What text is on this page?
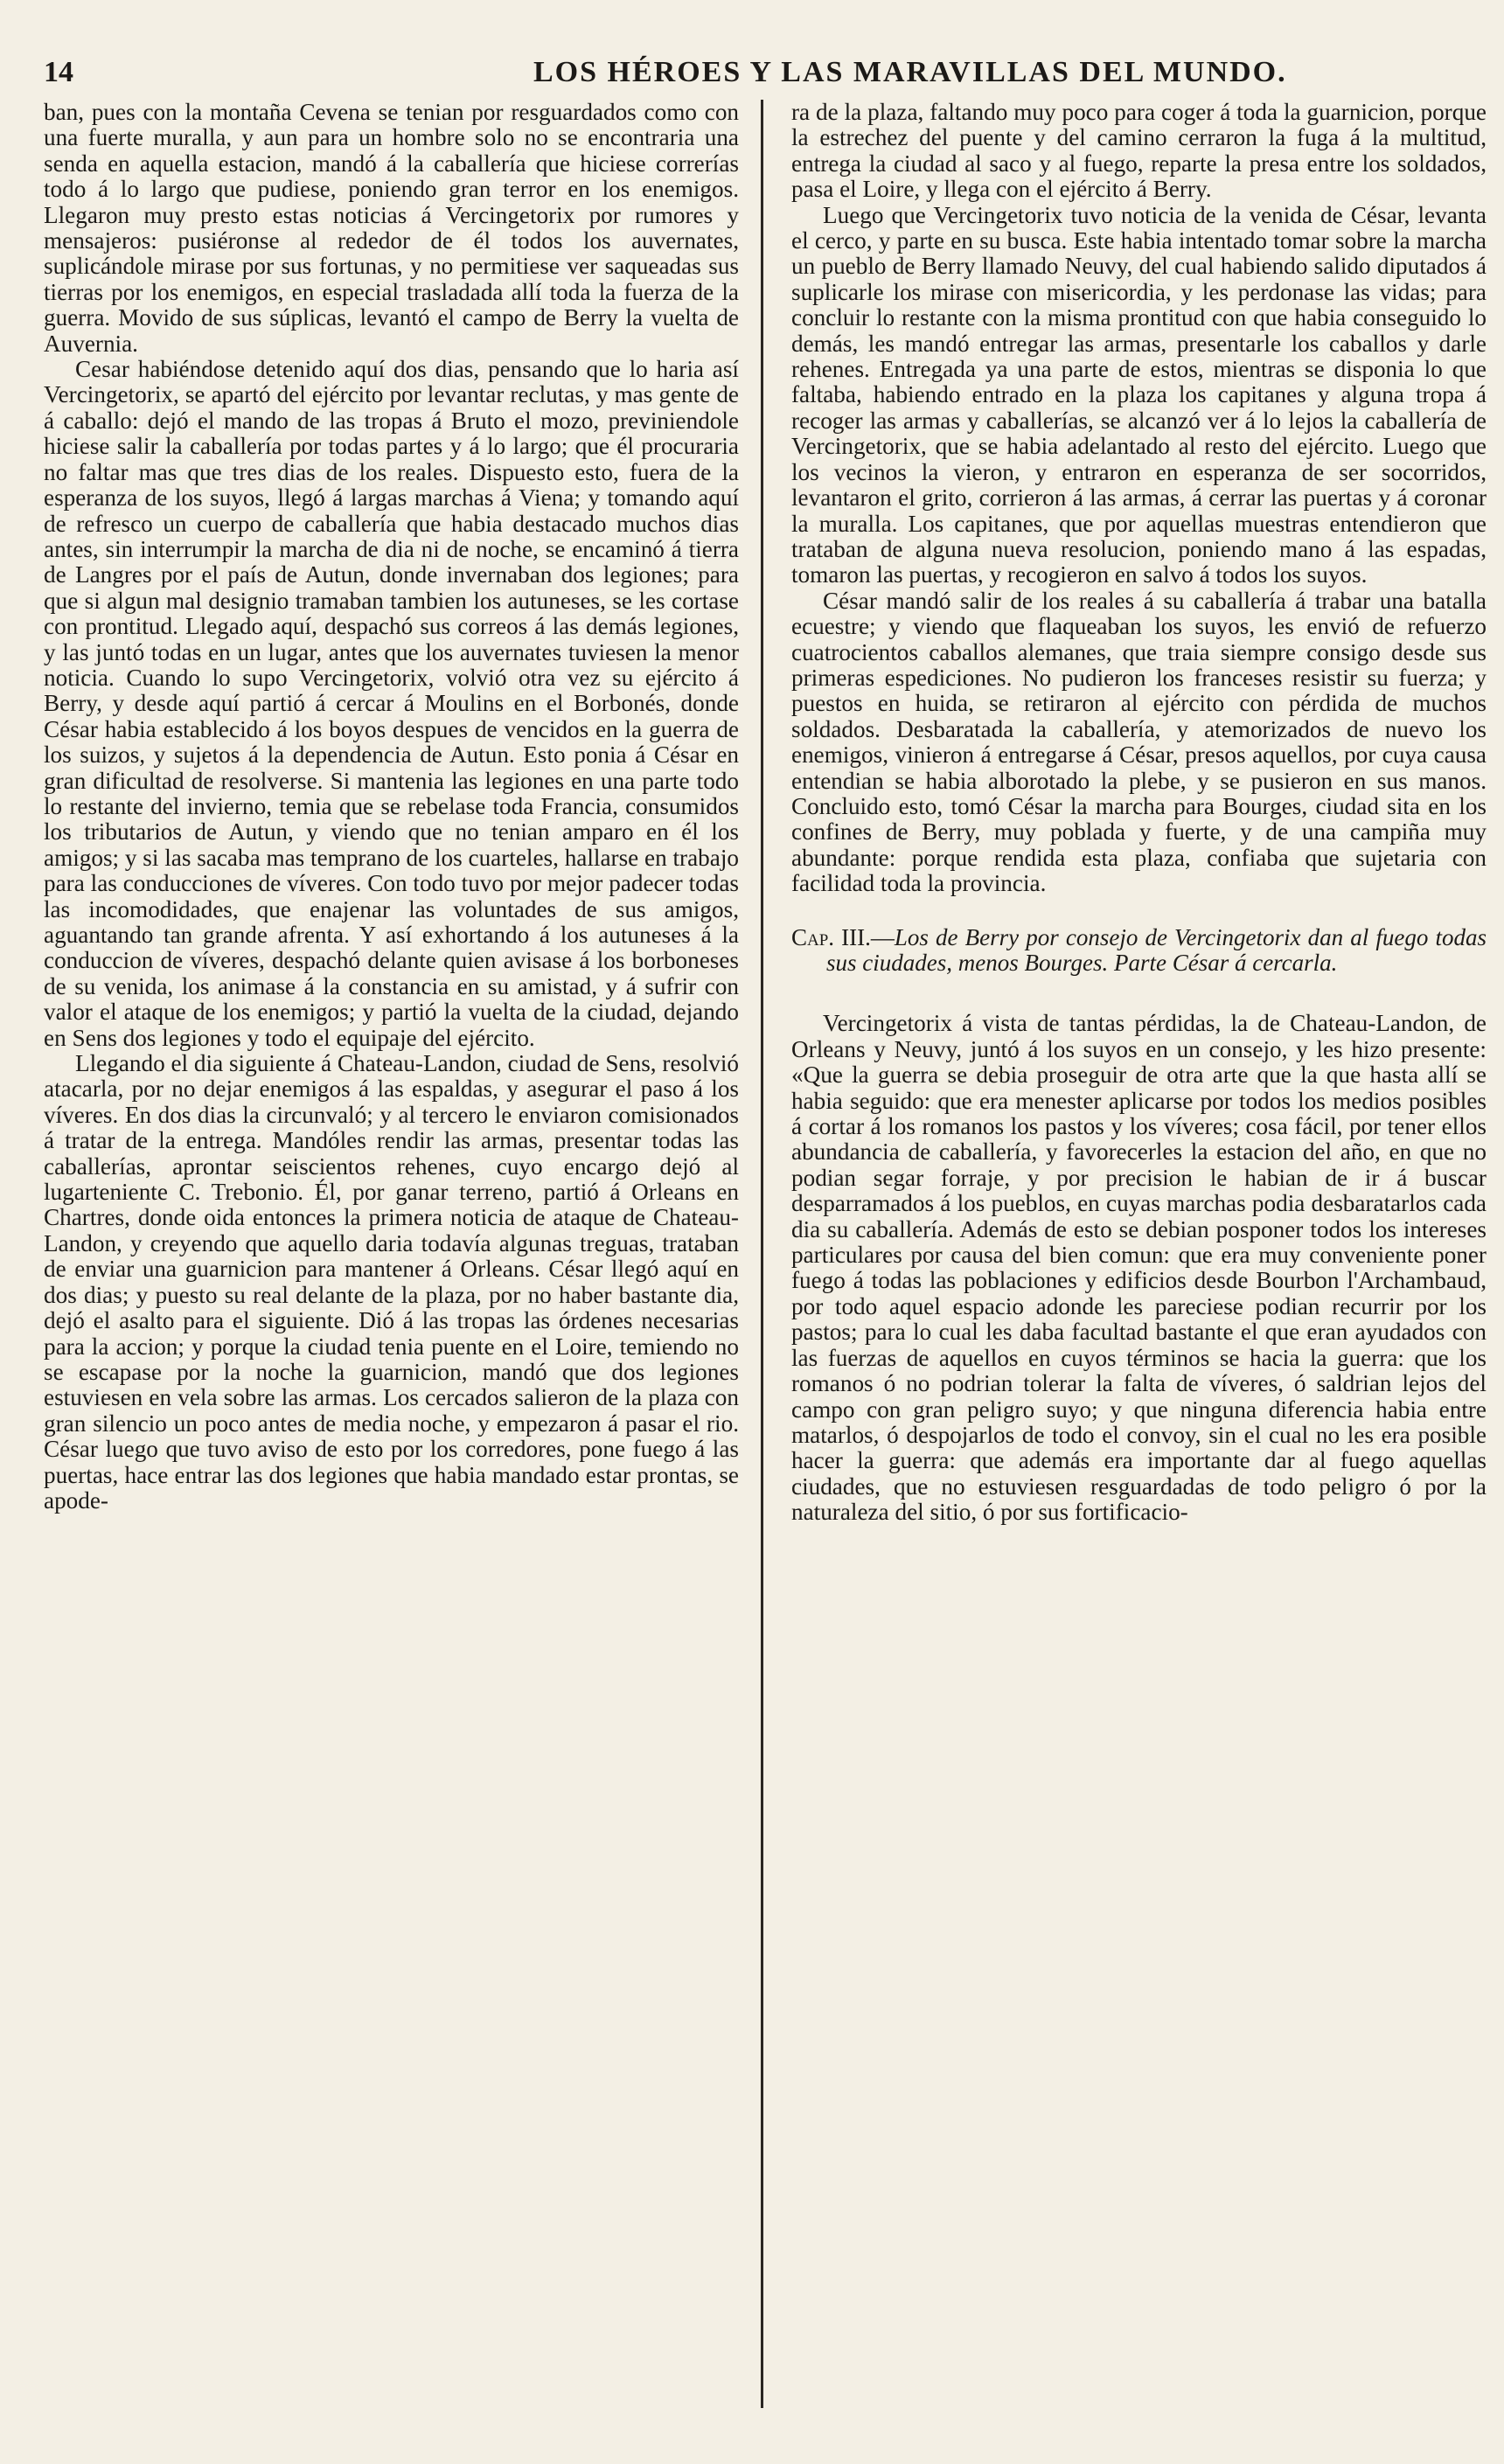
14	LOS HÉROES Y LAS MARAVILLAS DEL MUNDO.

ban, pues con la montaña Cevena se tenian por resguardados como con una fuerte muralla, y aun para un hombre solo no se encontraria una senda en aquella estacion, mandó á la caballería que hiciese correrías todo á lo largo que pudiese, poniendo gran terror en los enemigos. Llegaron muy presto estas noticias á Vercingetorix por rumores y mensajeros: pusiéronse al rededor de él todos los auvernates, suplicándole mirase por sus fortunas, y no permitiese ver saqueadas sus tierras por los enemigos, en especial trasladada allí toda la fuerza de la guerra. Movido de sus súplicas, levantó el campo de Berry la vuelta de Auvernia.

Cesar habiéndose detenido aquí dos dias, pensando que lo haria así Vercingetorix, se apartó del ejército por levantar reclutas, y mas gente de á caballo: dejó el mando de las tropas á Bruto el mozo, previniendole hiciese salir la caballería por todas partes y á lo largo; que él procuraria no faltar mas que tres dias de los reales. Dispuesto esto, fuera de la esperanza de los suyos, llegó á largas marchas á Viena; y tomando aquí de refresco un cuerpo de caballería que habia destacado muchos dias antes, sin interrumpir la marcha de dia ni de noche, se encaminó á tierra de Langres por el país de Autun, donde invernaban dos legiones; para que si algun mal designio tramaban tambien los autuneses, se les cortase con prontitud. Llegado aquí, despachó sus correos á las demás legiones, y las juntó todas en un lugar, antes que los auvernates tuviesen la menor noticia. Cuando lo supo Vercingetorix, volvió otra vez su ejército á Berry, y desde aquí partió á cercar á Moulins en el Borbonés, donde César habia establecido á los boyos despues de vencidos en la guerra de los suizos, y sujetos á la dependencia de Autun. Esto ponia á César en gran dificultad de resolverse. Si mantenia las legiones en una parte todo lo restante del invierno, temia que se rebelase toda Francia, consumidos los tributarios de Autun, y viendo que no tenian amparo en él los amigos; y si las sacaba mas temprano de los cuarteles, hallarse en trabajo para las conducciones de víveres. Con todo tuvo por mejor padecer todas las incomodidades, que enajenar las voluntades de sus amigos, aguantando tan grande afrenta. Y así exhortando á los autuneses á la conduccion de víveres, despachó delante quien avisase á los borboneses de su venida, los animase á la constancia en su amistad, y á sufrir con valor el ataque de los enemigos; y partió la vuelta de la ciudad, dejando en Sens dos legiones y todo el equipaje del ejército.

Llegando el dia siguiente á Chateau-Landon, ciudad de Sens, resolvió atacarla, por no dejar enemigos á las espaldas, y asegurar el paso á los víveres. En dos dias la circunvaló; y al tercero le enviaron comisionados á tratar de la entrega. Mandóles rendir las armas, presentar todas las caballerías, aprontar seiscientos rehenes, cuyo encargo dejó al lugarteniente C. Trebonio. Él, por ganar terreno, partió á Orleans en Chartres, donde oida entonces la primera noticia de ataque de Chateau-Landon, y creyendo que aquello daria todavía algunas treguas, trataban de enviar una guarnicion para mantener á Orleans. César llegó aquí en dos dias; y puesto su real delante de la plaza, por no haber bastante dia, dejó el asalto para el siguiente. Dió á las tropas las órdenes necesarias para la accion; y porque la ciudad tenia puente en el Loire, temiendo no se escapase por la noche la guarnicion, mandó que dos legiones estuviesen en vela sobre las armas. Los cercados salieron de la plaza con gran silencio un poco antes de media noche, y empezaron á pasar el rio. César luego que tuvo aviso de esto por los corredores, pone fuego á las puertas, hace entrar las dos legiones que habia mandado estar prontas, se apode-

ra de la plaza, faltando muy poco para coger á toda la guarnicion, porque la estrechez del puente y del camino cerraron la fuga á la multitud, entrega la ciudad al saco y al fuego, reparte la presa entre los soldados, pasa el Loire, y llega con el ejército á Berry.

Luego que Vercingetorix tuvo noticia de la venida de César, levanta el cerco, y parte en su busca. Este habia intentado tomar sobre la marcha un pueblo de Berry llamado Neuvy, del cual habiendo salido diputados á suplicarle los mirase con misericordia, y les perdonase las vidas; para concluir lo restante con la misma prontitud con que habia conseguido lo demás, les mandó entregar las armas, presentarle los caballos y darle rehenes. Entregada ya una parte de estos, mientras se disponia lo que faltaba, habiendo entrado en la plaza los capitanes y alguna tropa á recoger las armas y caballerías, se alcanzó ver á lo lejos la caballería de Vercingetorix, que se habia adelantado al resto del ejército. Luego que los vecinos la vieron, y entraron en esperanza de ser socorridos, levantaron el grito, corrieron á las armas, á cerrar las puertas y á coronar la muralla. Los capitanes, que por aquellas muestras entendieron que trataban de alguna nueva resolucion, poniendo mano á las espadas, tomaron las puertas, y recogieron en salvo á todos los suyos.

César mandó salir de los reales á su caballería á trabar una batalla ecuestre; y viendo que flaqueaban los suyos, les envió de refuerzo cuatrocientos caballos alemanes, que traia siempre consigo desde sus primeras espediciones. No pudieron los franceses resistir su fuerza; y puestos en huida, se retiraron al ejército con pérdida de muchos soldados. Desbaratada la caballería, y atemorizados de nuevo los enemigos, vinieron á entregarse á César, presos aquellos, por cuya causa entendian se habia alborotado la plebe, y se pusieron en sus manos. Concluido esto, tomó César la marcha para Bourges, ciudad sita en los confines de Berry, muy poblada y fuerte, y de una campiña muy abundante: porque rendida esta plaza, confiaba que sujetaria con facilidad toda la provincia.

Cap. III.—Los de Berry por consejo de Vercingetorix dan al fuego todas sus ciudades, menos Bourges. Parte César á cercarla.

Vercingetorix á vista de tantas pérdidas, la de Chateau-Landon, de Orleans y Neuvy, juntó á los suyos en un consejo, y les hizo presente: «Que la guerra se debia proseguir de otra arte que la que hasta allí se habia seguido: que era menester aplicarse por todos los medios posibles á cortar á los romanos los pastos y los víveres; cosa fácil, por tener ellos abundancia de caballería, y favorecerles la estacion del año, en que no podian segar forraje, y por precision le habian de ir á buscar desparramados á los pueblos, en cuyas marchas podia desbaratarlos cada dia su caballería. Además de esto se debian posponer todos los intereses particulares por causa del bien comun: que era muy conveniente poner fuego á todas las poblaciones y edificios desde Bourbon l'Archambaud, por todo aquel espacio adonde les pareciese podian recurrir por los pastos; para lo cual les daba facultad bastante el que eran ayudados con las fuerzas de aquellos en cuyos términos se hacia la guerra: que los romanos ó no podrian tolerar la falta de víveres, ó saldrian lejos del campo con gran peligro suyo; y que ninguna diferencia habia entre matarlos, ó despojarlos de todo el convoy, sin el cual no les era posible hacer la guerra: que además era importante dar al fuego aquellas ciudades, que no estuviesen resguardadas de todo peligro ó por la naturaleza del sitio, ó por sus fortificacio-
